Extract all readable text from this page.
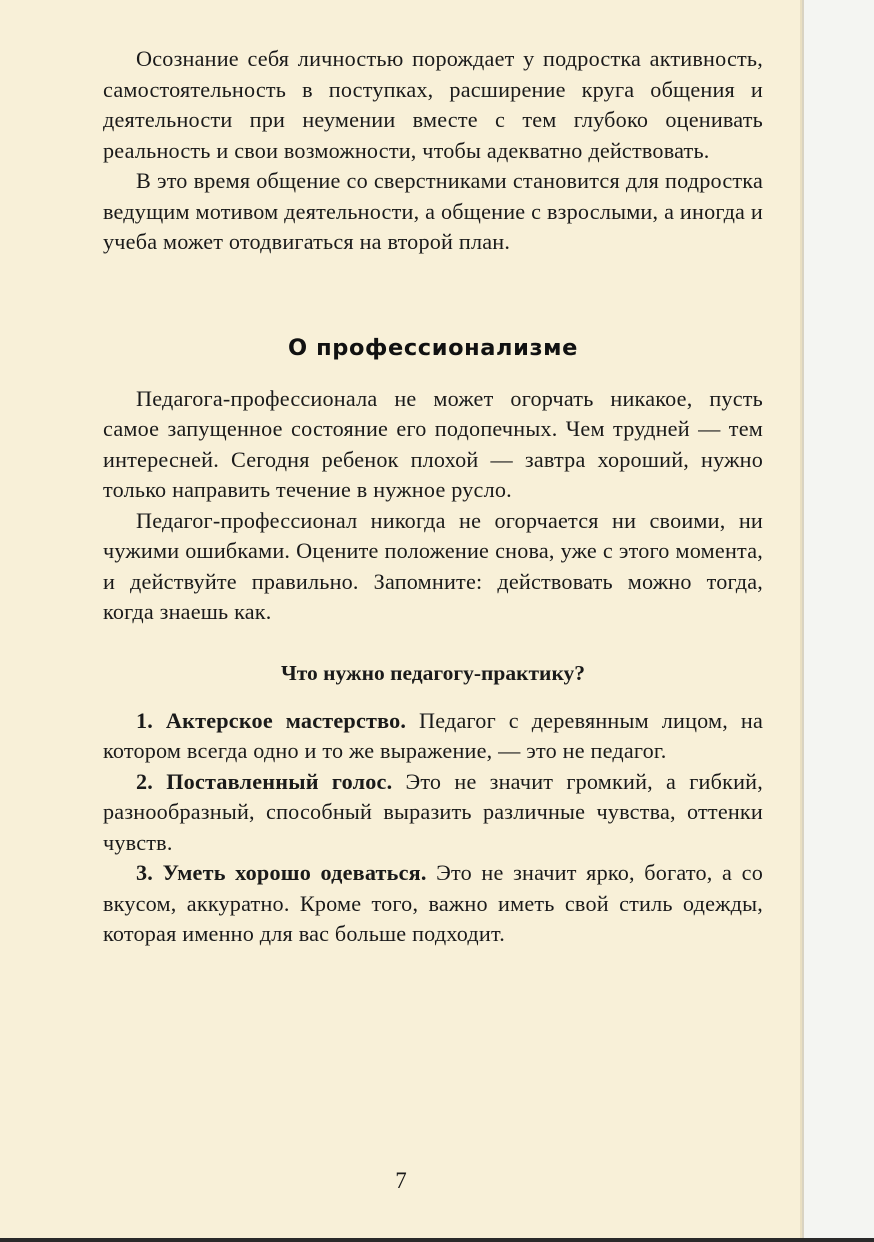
Осознание себя личностью порождает у подростка активность, самостоятельность в поступках, расширение круга общения и деятельности при неумении вместе с тем глубоко оценивать реальность и свои возможности, чтобы адекватно действовать.

В это время общение со сверстниками становится для подростка ведущим мотивом деятельности, а общение с взрослыми, а иногда и учеба может отодвигаться на второй план.

О профессионализме

Педагога-профессионала не может огорчать никакое, пусть самое запущенное состояние его подопечных. Чем трудней — тем интересней. Сегодня ребенок плохой — завтра хороший, нужно только направить течение в нужное русло.

Педагог-профессионал никогда не огорчается ни своими, ни чужими ошибками. Оцените положение снова, уже с этого момента, и действуйте правильно. Запомните: действовать можно тогда, когда знаешь как.

Что нужно педагогу-практику?

1. Актерское мастерство. Педагог с деревянным лицом, на котором всегда одно и то же выражение, — это не педагог.

2. Поставленный голос. Это не значит громкий, а гибкий, разнообразный, способный выразить различные чувства, оттенки чувств.

3. Уметь хорошо одеваться. Это не значит ярко, богато, а со вкусом, аккуратно. Кроме того, важно иметь свой стиль одежды, которая именно для вас больше подходит.

7
